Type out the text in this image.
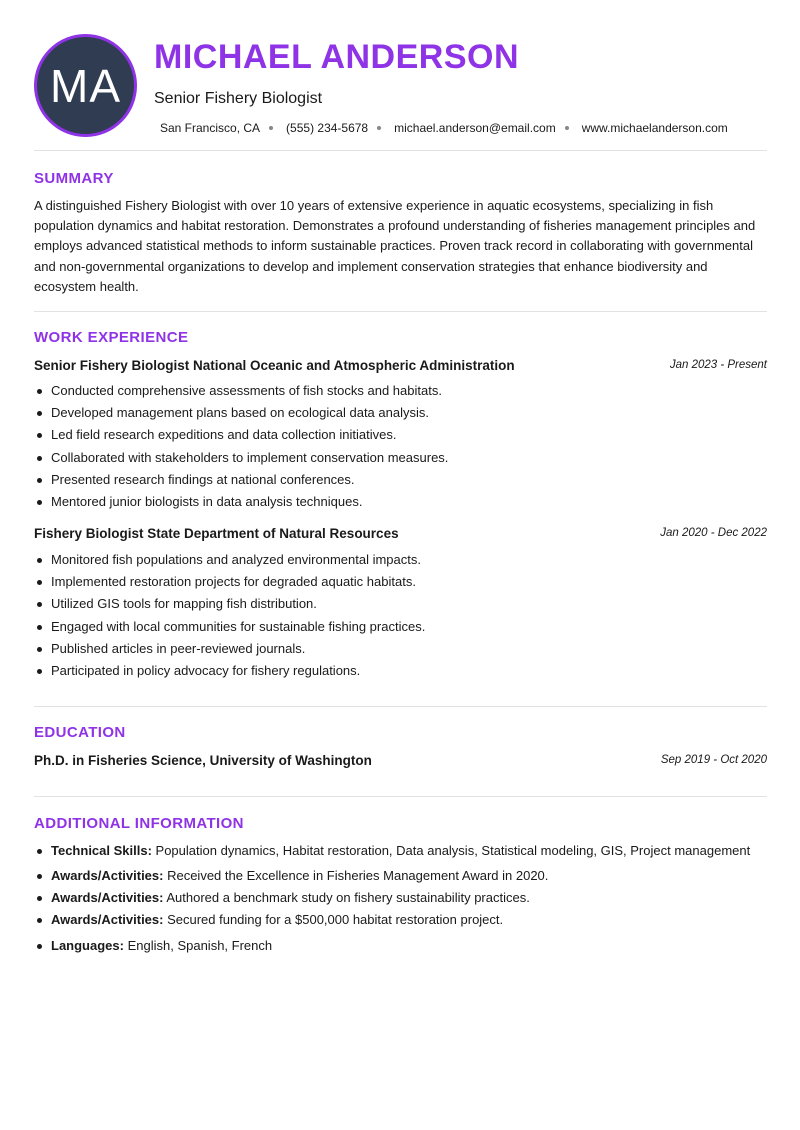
MA
MICHAEL ANDERSON
Senior Fishery Biologist
San Francisco, CA (555) 234-5678 michael.anderson@email.com www.michaelanderson.com
SUMMARY

A distinguished Fishery Biologist with over 10 years of extensive experience in aquatic ecosystems, specializing in fish population dynamics and habitat restoration. Demonstrates a profound understanding of fisheries management principles and employs advanced statistical methods to inform sustainable practices. Proven track record in collaborating with governmental and non-governmental organizations to develop and implement conservation strategies that enhance biodiversity and ecosystem health.

WORK EXPERIENCE
Senior Fishery Biologist National Oceanic and Atmospheric Administration	Jan 2023 - Present
Conducted comprehensive assessments of fish stocks and habitats.
Developed management plans based on ecological data analysis.
Led field research expeditions and data collection initiatives.
Collaborated with stakeholders to implement conservation measures.
Presented research findings at national conferences.
Mentored junior biologists in data analysis techniques.
Fishery Biologist State Department of Natural Resources	Jan 2020 - Dec 2022
Monitored fish populations and analyzed environmental impacts.
Implemented restoration projects for degraded aquatic habitats.
Utilized GIS tools for mapping fish distribution.
Engaged with local communities for sustainable fishing practices.
Published articles in peer-reviewed journals.
Participated in policy advocacy for fishery regulations.
EDUCATION
Ph.D. in Fisheries Science, University of Washington	Sep 2019 - Oct 2020
ADDITIONAL INFORMATION
Technical Skills: Population dynamics, Habitat restoration, Data analysis, Statistical modeling, GIS, Project management
Awards/Activities: Received the Excellence in Fisheries Management Award in 2020.
Awards/Activities: Authored a benchmark study on fishery sustainability practices.
Awards/Activities: Secured funding for a $500,000 habitat restoration project.
Languages: English, Spanish, French
